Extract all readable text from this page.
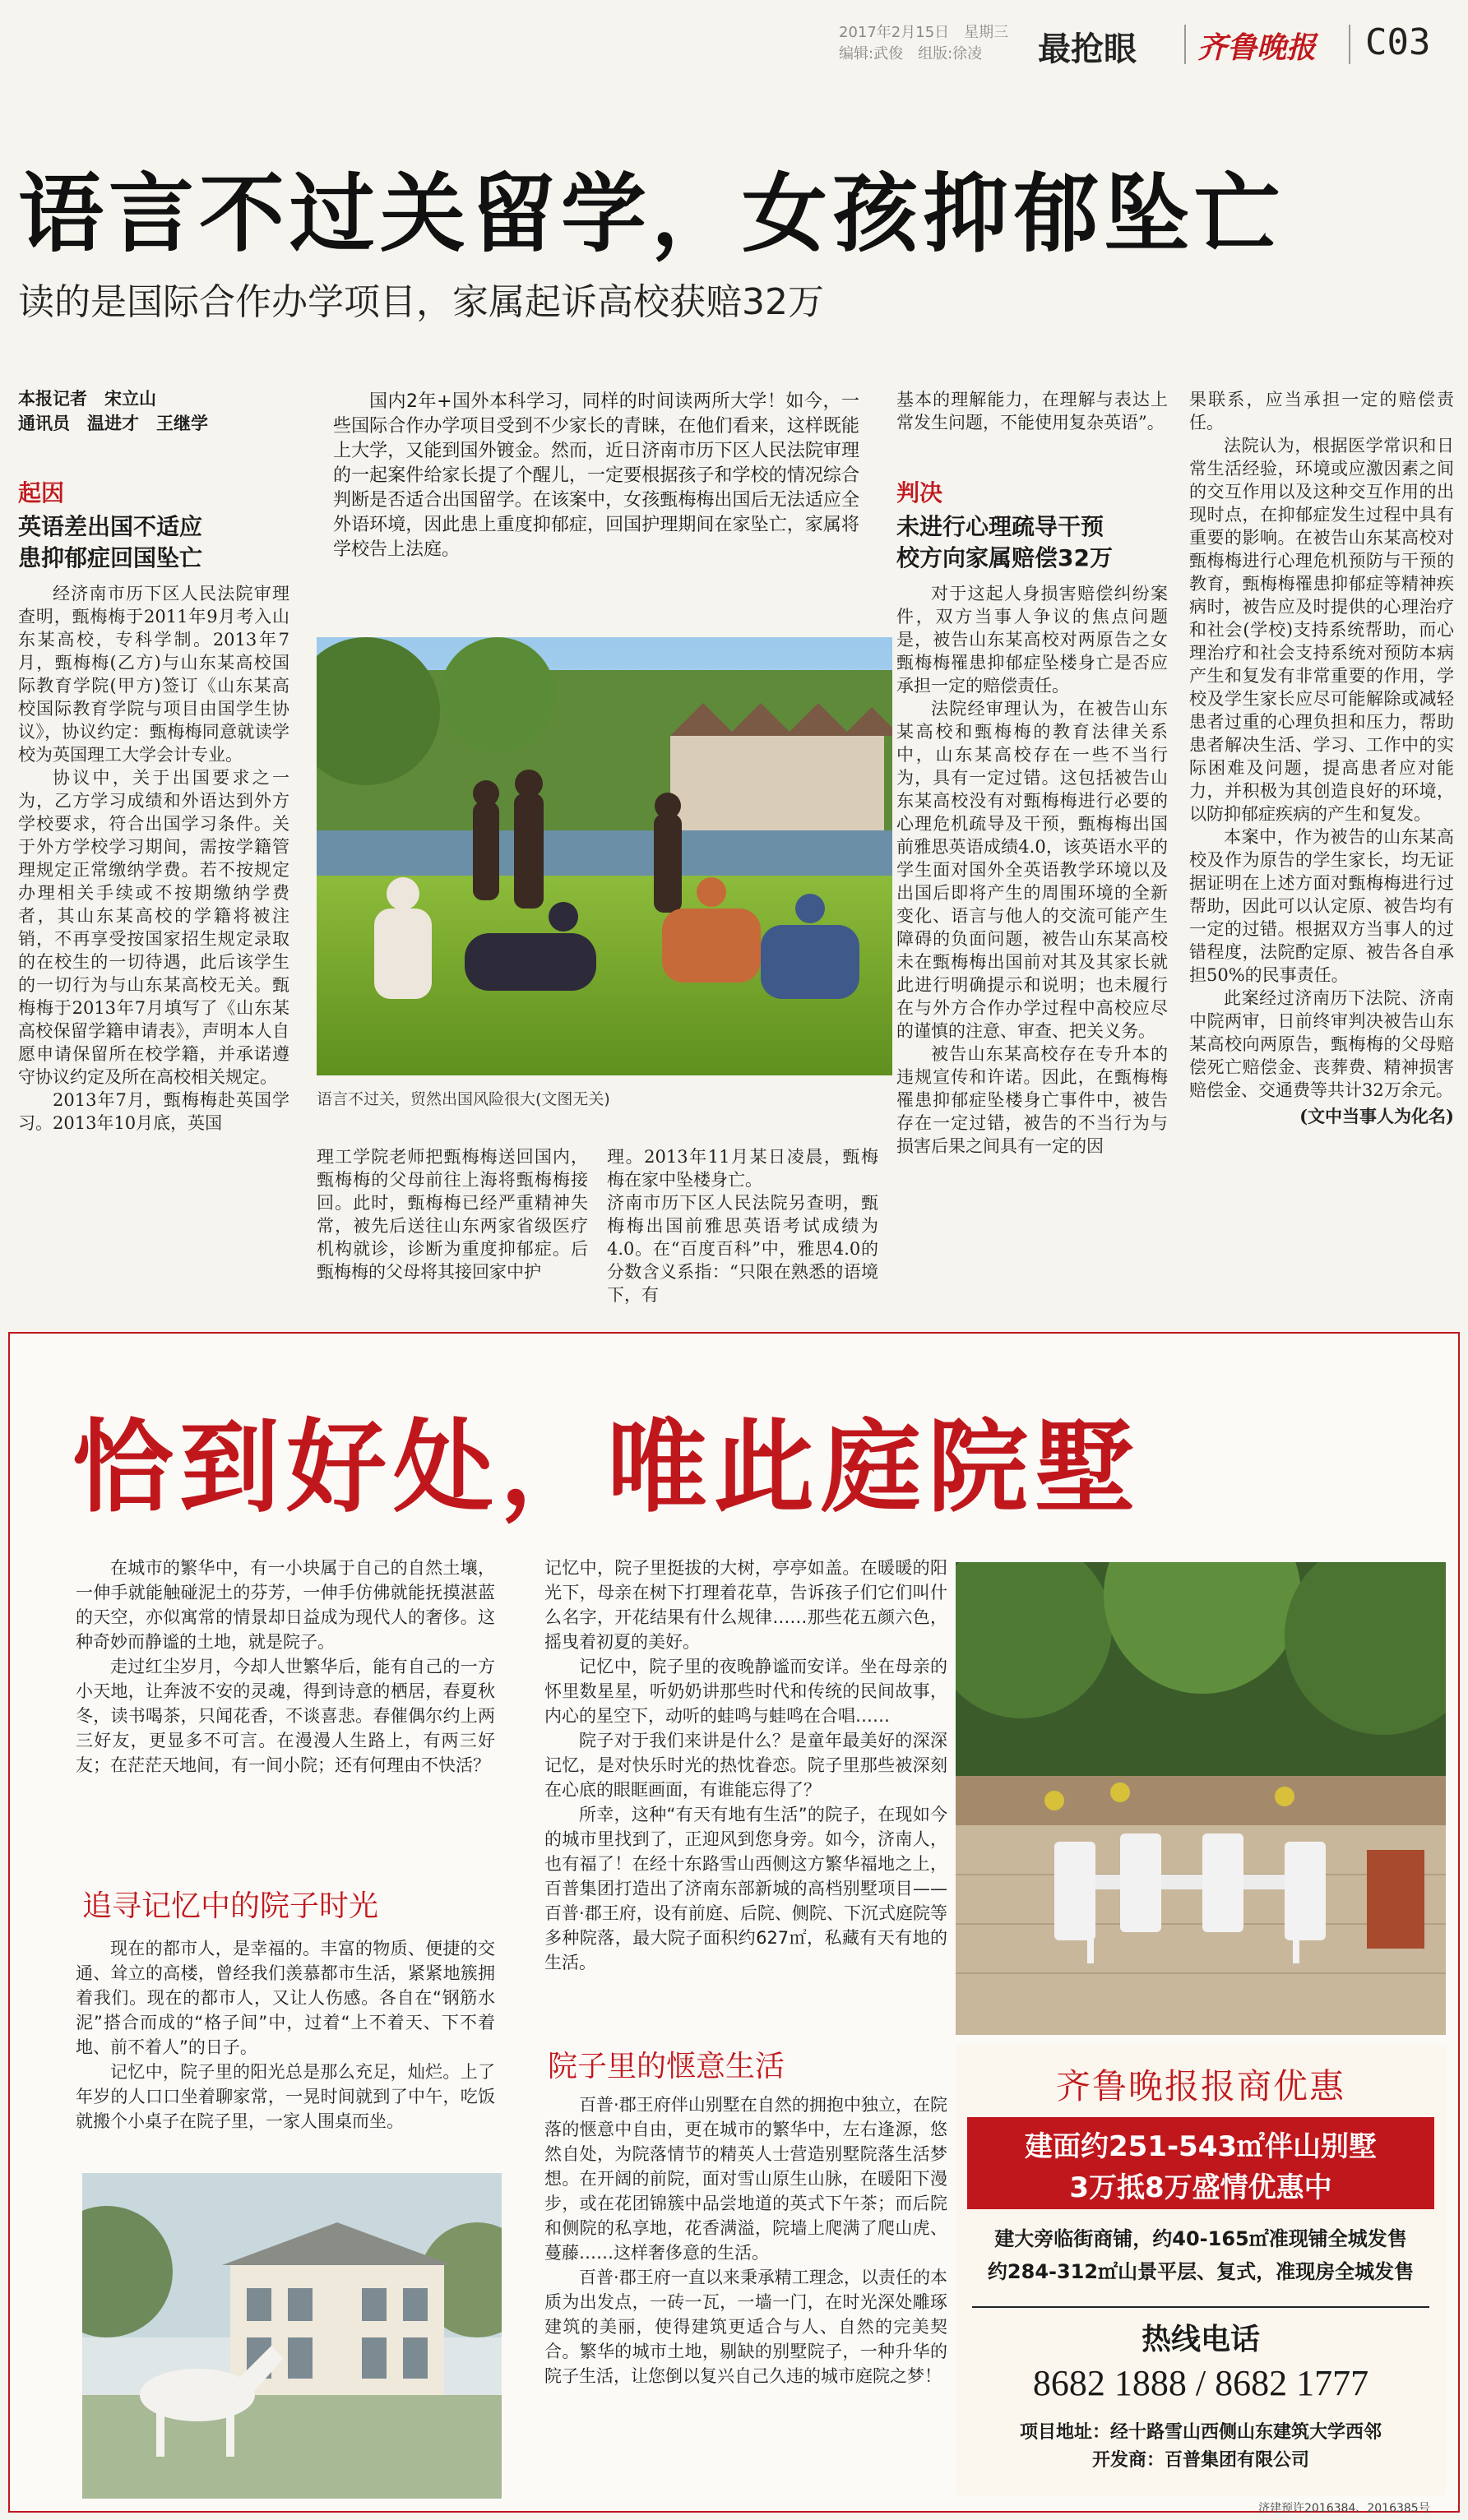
2017年2月15日　星期三
编辑:武俊　组版:徐凌 最抢眼 齐鲁晚报 C03
语言不过关留学，女孩抑郁坠亡
读的是国际合作办学项目，家属起诉高校获赔32万
本报记者　宋立山
通讯员　温进才　王继学
起因
英语差出国不适应
患抑郁症回国坠亡

经济南市历下区人民法院审理查明，甄梅梅于2011年9月考入山东某高校，专科学制。2013年7月，甄梅梅(乙方)与山东某高校国际教育学院(甲方)签订《山东某高校国际教育学院与项目由国学生协议》，协议约定：甄梅梅同意就读学校为英国理工大学会计专业。

协议中，关于出国要求之一为，乙方学习成绩和外语达到外方学校要求，符合出国学习条件。关于外方学校学习期间，需按学籍管理规定正常缴纳学费。若不按规定办理相关手续或不按期缴纳学费者，其山东某高校的学籍将被注销，不再享受按国家招生规定录取的在校生的一切待遇，此后该学生的一切行为与山东某高校无关。甄梅梅于2013年7月填写了《山东某高校保留学籍申请表》，声明本人自愿申请保留所在校学籍，并承诺遵守协议约定及所在高校相关规定。

2013年7月，甄梅梅赴英国学习。2013年10月底，英国

国内2年+国外本科学习，同样的时间读两所大学！如今，一些国际合作办学项目受到不少家长的青睐，在他们看来，这样既能上大学，又能到国外镀金。然而，近日济南市历下区人民法院审理的一起案件给家长提了个醒儿，一定要根据孩子和学校的情况综合判断是否适合出国留学。在该案中，女孩甄梅梅出国后无法适应全外语环境，因此患上重度抑郁症，回国护理期间在家坠亡，家属将学校告上法庭。
语言不过关，贸然出国风险很大(文图无关)
理工学院老师把甄梅梅送回国内，甄梅梅的父母前往上海将甄梅梅接回。此时，甄梅梅已经严重精神失常，被先后送往山东两家省级医疗机构就诊，诊断为重度抑郁症。后甄梅梅的父母将其接回家中护
理。2013年11月某日凌晨，甄梅梅在家中坠楼身亡。
济南市历下区人民法院另查明，甄梅梅出国前雅思英语考试成绩为4.0。在“百度百科”中，雅思4.0的分数含义系指：“只限在熟悉的语境下，有
基本的理解能力，在理解与表达上常发生问题，不能使用复杂英语”。
判决
未进行心理疏导干预
校方向家属赔偿32万

对于这起人身损害赔偿纠纷案件，双方当事人争议的焦点问题是，被告山东某高校对两原告之女甄梅梅罹患抑郁症坠楼身亡是否应承担一定的赔偿责任。

法院经审理认为，在被告山东某高校和甄梅梅的教育法律关系中，山东某高校存在一些不当行为，具有一定过错。这包括被告山东某高校没有对甄梅梅进行必要的心理危机疏导及干预，甄梅梅出国前雅思英语成绩4.0，该英语水平的学生面对国外全英语教学环境以及出国后即将产生的周围环境的全新变化、语言与他人的交流可能产生障碍的负面问题，被告山东某高校未在甄梅梅出国前对其及其家长就此进行明确提示和说明；也未履行在与外方合作办学过程中高校应尽的谨慎的注意、审查、把关义务。

被告山东某高校存在专升本的违规宣传和许诺。因此，在甄梅梅罹患抑郁症坠楼身亡事件中，被告存在一定过错，被告的不当行为与损害后果之间具有一定的因

果联系，应当承担一定的赔偿责任。

法院认为，根据医学常识和日常生活经验，环境或应激因素之间的交互作用以及这种交互作用的出现时点，在抑郁症发生过程中具有重要的影响。在被告山东某高校对甄梅梅进行心理危机预防与干预的教育，甄梅梅罹患抑郁症等精神疾病时，被告应及时提供的心理治疗和社会(学校)支持系统帮助，而心理治疗和社会支持系统对预防本病产生和复发有非常重要的作用，学校及学生家长应尽可能解除或减轻患者过重的心理负担和压力，帮助患者解决生活、学习、工作中的实际困难及问题，提高患者应对能力，并积极为其创造良好的环境，以防抑郁症疾病的产生和复发。

本案中，作为被告的山东某高校及作为原告的学生家长，均无证据证明在上述方面对甄梅梅进行过帮助，因此可以认定原、被告均有一定的过错。根据双方当事人的过错程度，法院酌定原、被告各自承担50%的民事责任。

此案经过济南历下法院、济南中院两审，日前终审判决被告山东某高校向两原告，甄梅梅的父母赔偿死亡赔偿金、丧葬费、精神损害赔偿金、交通费等共计32万余元。

(文中当事人为化名)
恰到好处，唯此庭院墅

在城市的繁华中，有一小块属于自己的自然土壤，一伸手就能触碰泥土的芬芳，一伸手仿佛就能抚摸湛蓝的天空，亦似寓常的情景却日益成为现代人的奢侈。这种奇妙而静谧的土地，就是院子。

走过红尘岁月，今却人世繁华后，能有自己的一方小天地，让奔波不安的灵魂，得到诗意的栖居，春夏秋冬，读书喝茶，只闻花香，不谈喜悲。春催偶尔约上两三好友，更显多不可言。在漫漫人生路上，有两三好友；在茫茫天地间，有一间小院；还有何理由不快活？

追寻记忆中的院子时光

现在的都市人，是幸福的。丰富的物质、便捷的交通、耸立的高楼，曾经我们羡慕都市生活，紧紧地簇拥着我们。现在的都市人，又让人伤感。各自在“钢筋水泥”搭合而成的“格子间”中，过着“上不着天、下不着地、前不着人”的日子。

记忆中，院子里的阳光总是那么充足，灿烂。上了年岁的人口口坐着聊家常，一晃时间就到了中午，吃饭就搬个小桌子在院子里，一家人围桌而坐。

记忆中，院子里挺拔的大树，亭亭如盖。在暖暖的阳光下，母亲在树下打理着花草，告诉孩子们它们叫什么名字，开花结果有什么规律……那些花五颜六色，摇曳着初夏的美好。

记忆中，院子里的夜晚静谧而安详。坐在母亲的怀里数星星，听奶奶讲那些时代和传统的民间故事，内心的星空下，动听的蛙鸣与蛙鸣在合唱……

院子对于我们来讲是什么？是童年最美好的深深记忆，是对快乐时光的热忱眷恋。院子里那些被深刻在心底的眼眶画面，有谁能忘得了？

所幸，这种“有天有地有生活”的院子，在现如今的城市里找到了，正迎风到您身旁。如今，济南人，也有福了！在经十东路雪山西侧这方繁华福地之上，百普集团打造出了济南东部新城的高档别墅项目——百普·郡王府，设有前庭、后院、侧院、下沉式庭院等多种院落，最大院子面积约627㎡，私藏有天有地的生活。

院子里的惬意生活

百普·郡王府伴山别墅在自然的拥抱中独立，在院落的惬意中自由，更在城市的繁华中，左右逢源，悠然自处，为院落情节的精英人士营造别墅院落生活梦想。在开阔的前院，面对雪山原生山脉，在暖阳下漫步，或在花团锦簇中品尝地道的英式下午茶；而后院和侧院的私享地，花香满溢，院墙上爬满了爬山虎、蔓藤……这样奢侈意的生活。

百普·郡王府一直以来秉承精工理念，以责任的本质为出发点，一砖一瓦，一墙一门，在时光深处雕琢建筑的美丽，使得建筑更适合与人、自然的完美契合。繁华的城市土地，剔缺的别墅院子，一种升华的院子生活，让您倒以复兴自己久违的城市庭院之梦！

齐鲁晚报报商优惠
建面约251-543㎡伴山别墅
3万抵8万盛情优惠中
建大旁临街商铺，约40-165㎡准现铺全城发售
约284-312㎡山景平层、复式，准现房全城发售
热线电话
8682 1888 / 8682 1777
项目地址：经十路雪山西侧山东建筑大学西邻
开发商：百普集团有限公司
济建预许2016384、2016385号
